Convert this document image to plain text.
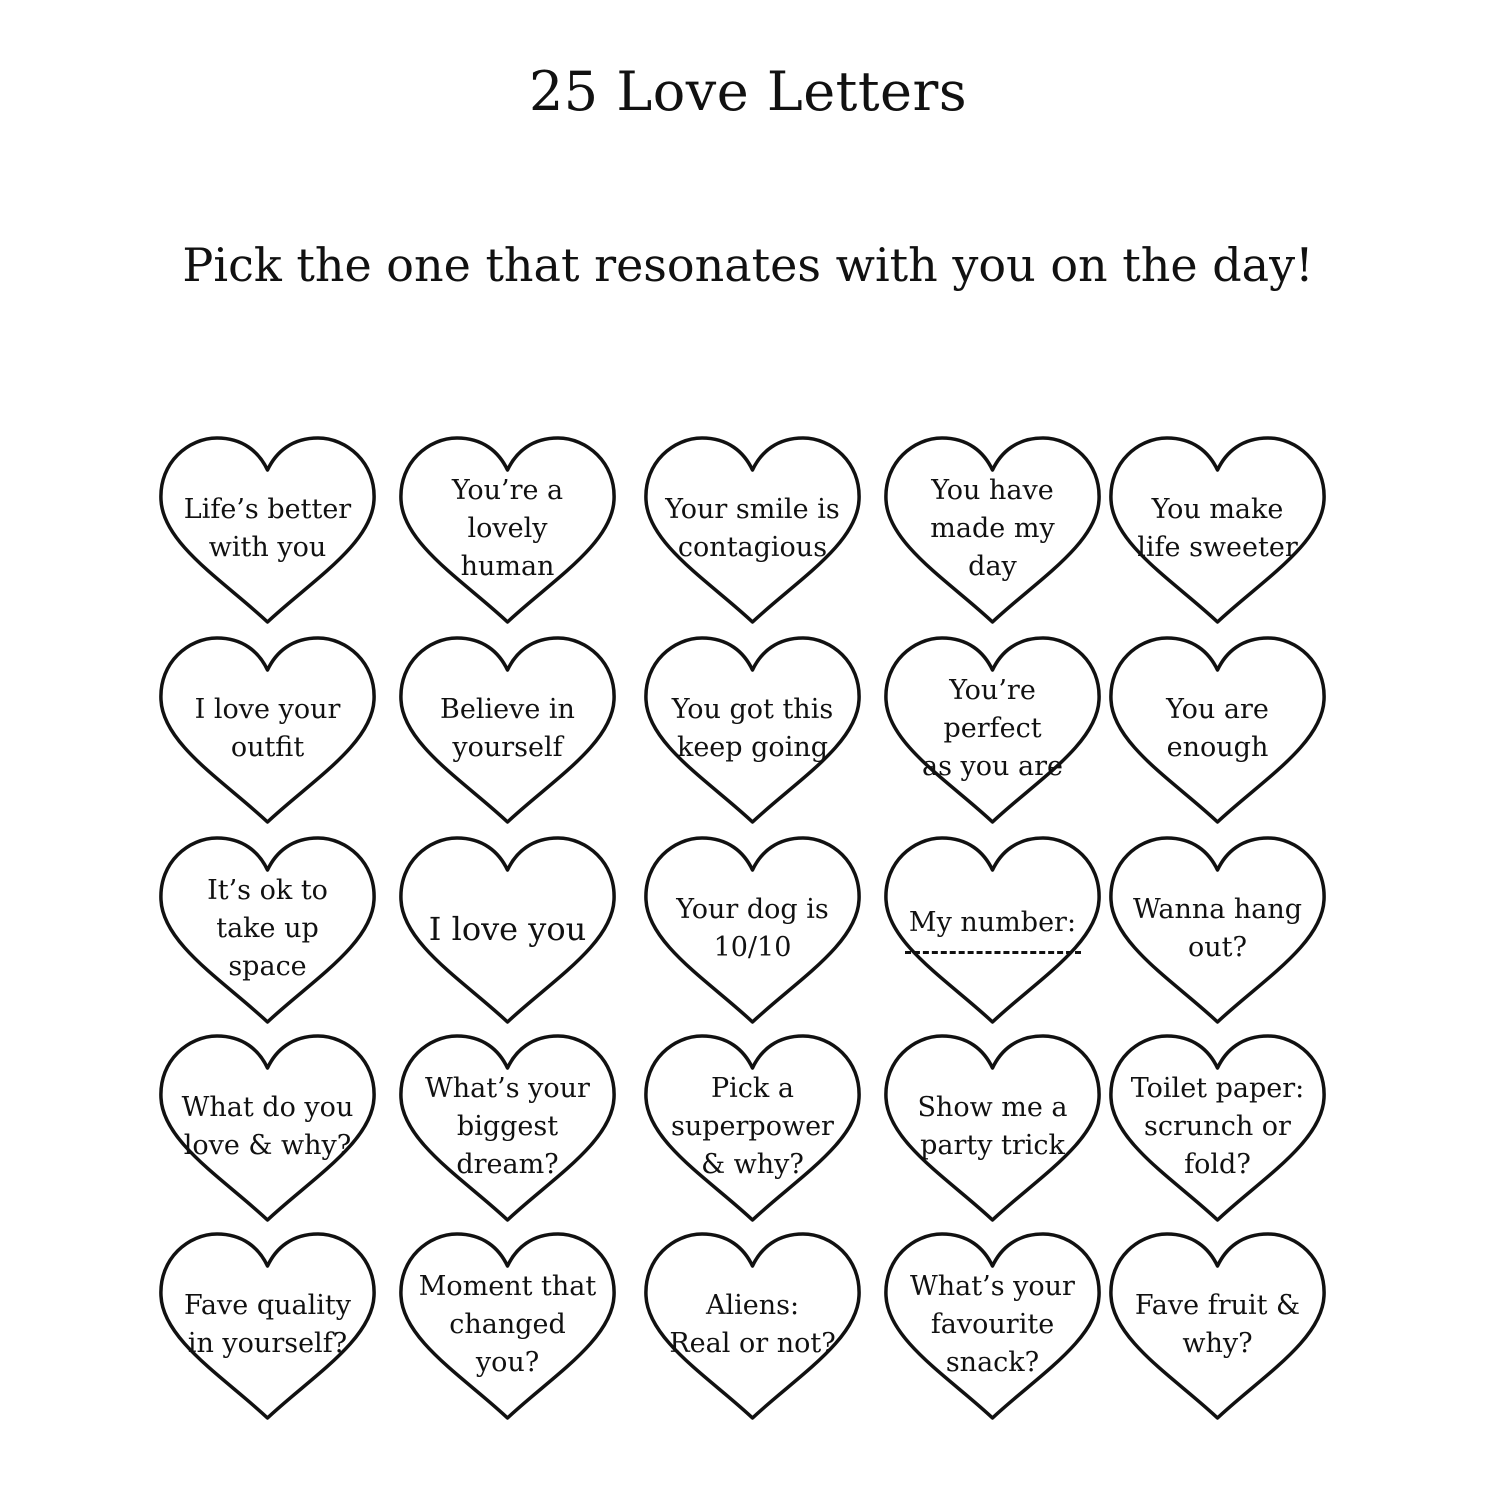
25 Love Letters
Pick the one that resonates with you on the day!
Life’s better
with you
You’re a
lovely
human
Your smile is
contagious
You have
made my
day
You make
life sweeter
I love your
outfit
Believe in
yourself
You got this
keep going
You’re perfect
as you are
You are
enough
It’s ok to
take up
space
I love you	Your dog is
10/10
My number:	Wanna hang
out?
What do you
love & why?
What’s your
biggest
dream?
Pick a
superpower
& why?
Show me a
party trick
Toilet paper:
scrunch or
fold?
Fave quality
in yourself?
Moment that
changed
you?
Aliens:
Real or not?
What’s your
favourite
snack?
Fave fruit &
why?
